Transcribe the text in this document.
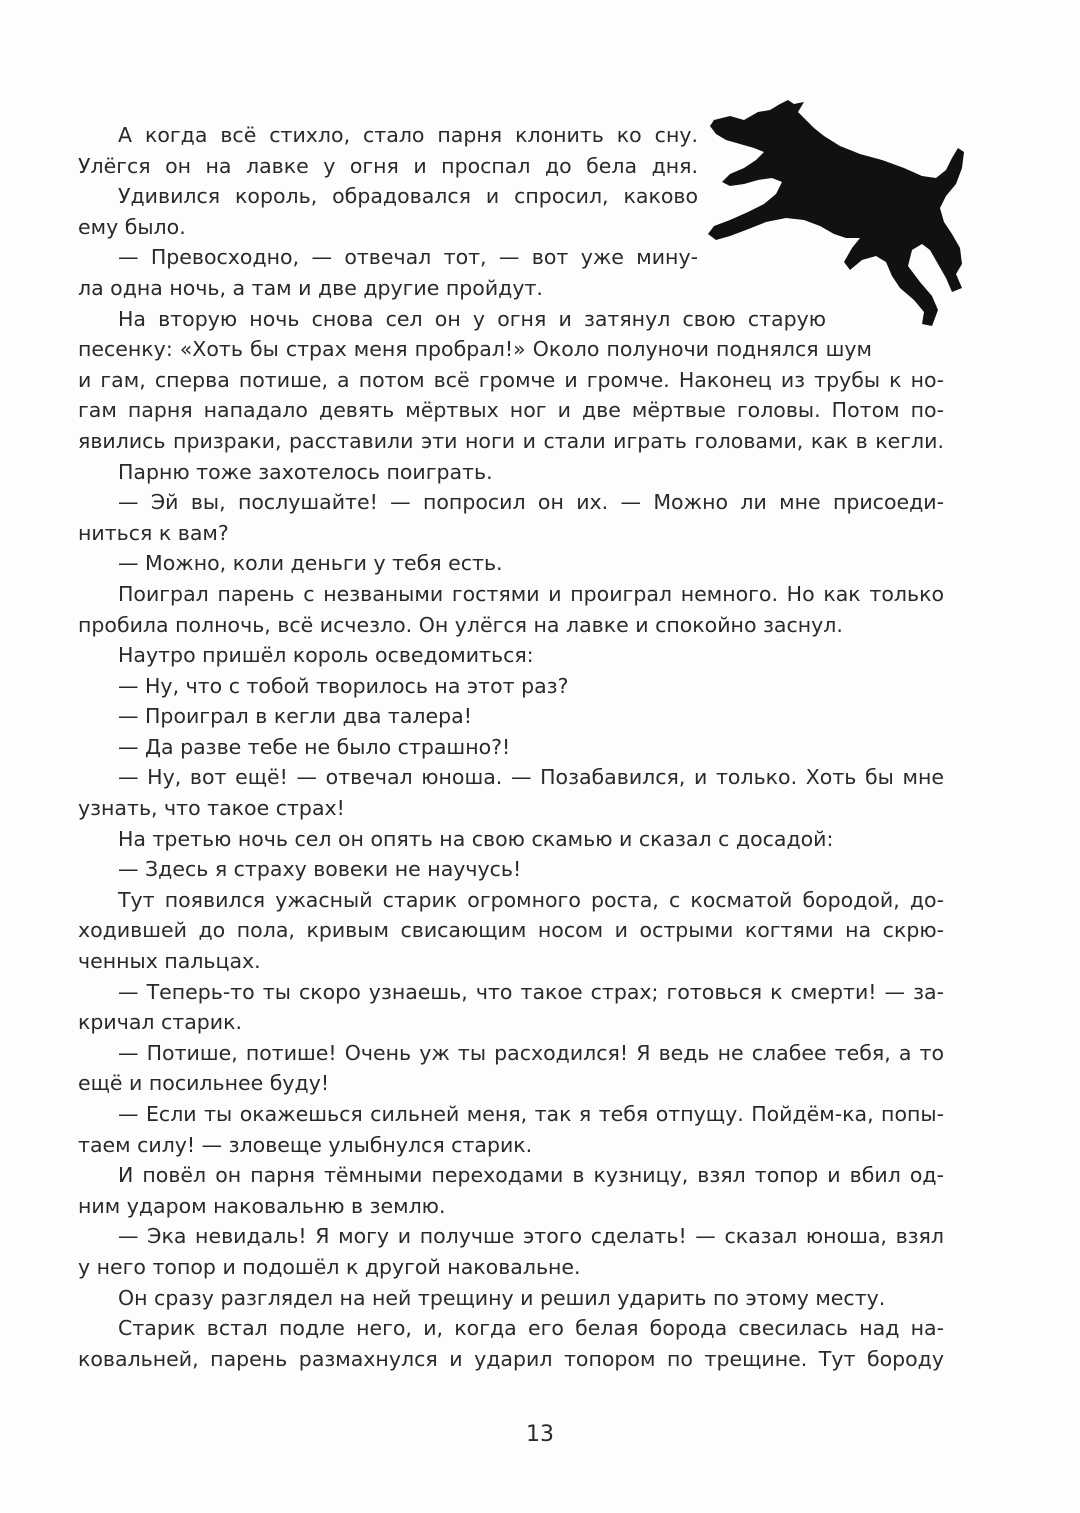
А когда всё стихло, стало парня клонить ко сну.
Улёгся он на лавке у огня и проспал до бела дня.
Удивился король, обрадовался и спросил, каково
ему было.
— Превосходно, — отвечал тот, — вот уже мину-
ла одна ночь, а там и две другие пройдут.
На вторую ночь снова сел он у огня и затянул свою старую
песенку: «Хоть бы страх меня пробрал!» Около полуночи поднялся шум
и гам, сперва потише, а потом всё громче и громче. Наконец из трубы к но-
гам парня нападало девять мёртвых ног и две мёртвые головы. Потом по-
явились призраки, расставили эти ноги и стали играть головами, как в кегли.
Парню тоже захотелось поиграть.
— Эй вы, послушайте! — попросил он их. — Можно ли мне присоеди-
ниться к вам?
— Можно, коли деньги у тебя есть.
Поиграл парень с незваными гостями и проиграл немного. Но как только
пробила полночь, всё исчезло. Он улёгся на лавке и спокойно заснул.
Наутро пришёл король осведомиться:
— Ну, что с тобой творилось на этот раз?
— Проиграл в кегли два талера!
— Да разве тебе не было страшно?!
— Ну, вот ещё! — отвечал юноша. — Позабавился, и только. Хоть бы мне
узнать, что такое страх!
На третью ночь сел он опять на свою скамью и сказал с досадой:
— Здесь я страху вовеки не научусь!
Тут появился ужасный старик огромного роста, с косматой бородой, до-
ходившей до пола, кривым свисающим носом и острыми когтями на скрю-
ченных пальцах.
— Теперь-то ты скоро узнаешь, что такое страх; готовься к смерти! — за-
кричал старик.
— Потише, потише! Очень уж ты расходился! Я ведь не слабее тебя, а то
ещё и посильнее буду!
— Если ты окажешься сильней меня, так я тебя отпущу. Пойдём-ка, попы-
таем силу! — зловеще улыбнулся старик.
И повёл он парня тёмными переходами в кузницу, взял топор и вбил од-
ним ударом наковальню в землю.
— Эка невидаль! Я могу и получше этого сделать! — сказал юноша, взял
у него топор и подошёл к другой наковальне.
Он сразу разглядел на ней трещину и решил ударить по этому месту.
Старик встал подле него, и, когда его белая борода свесилась над на-
ковальней, парень размахнулся и ударил топором по трещине. Тут бороду
13
